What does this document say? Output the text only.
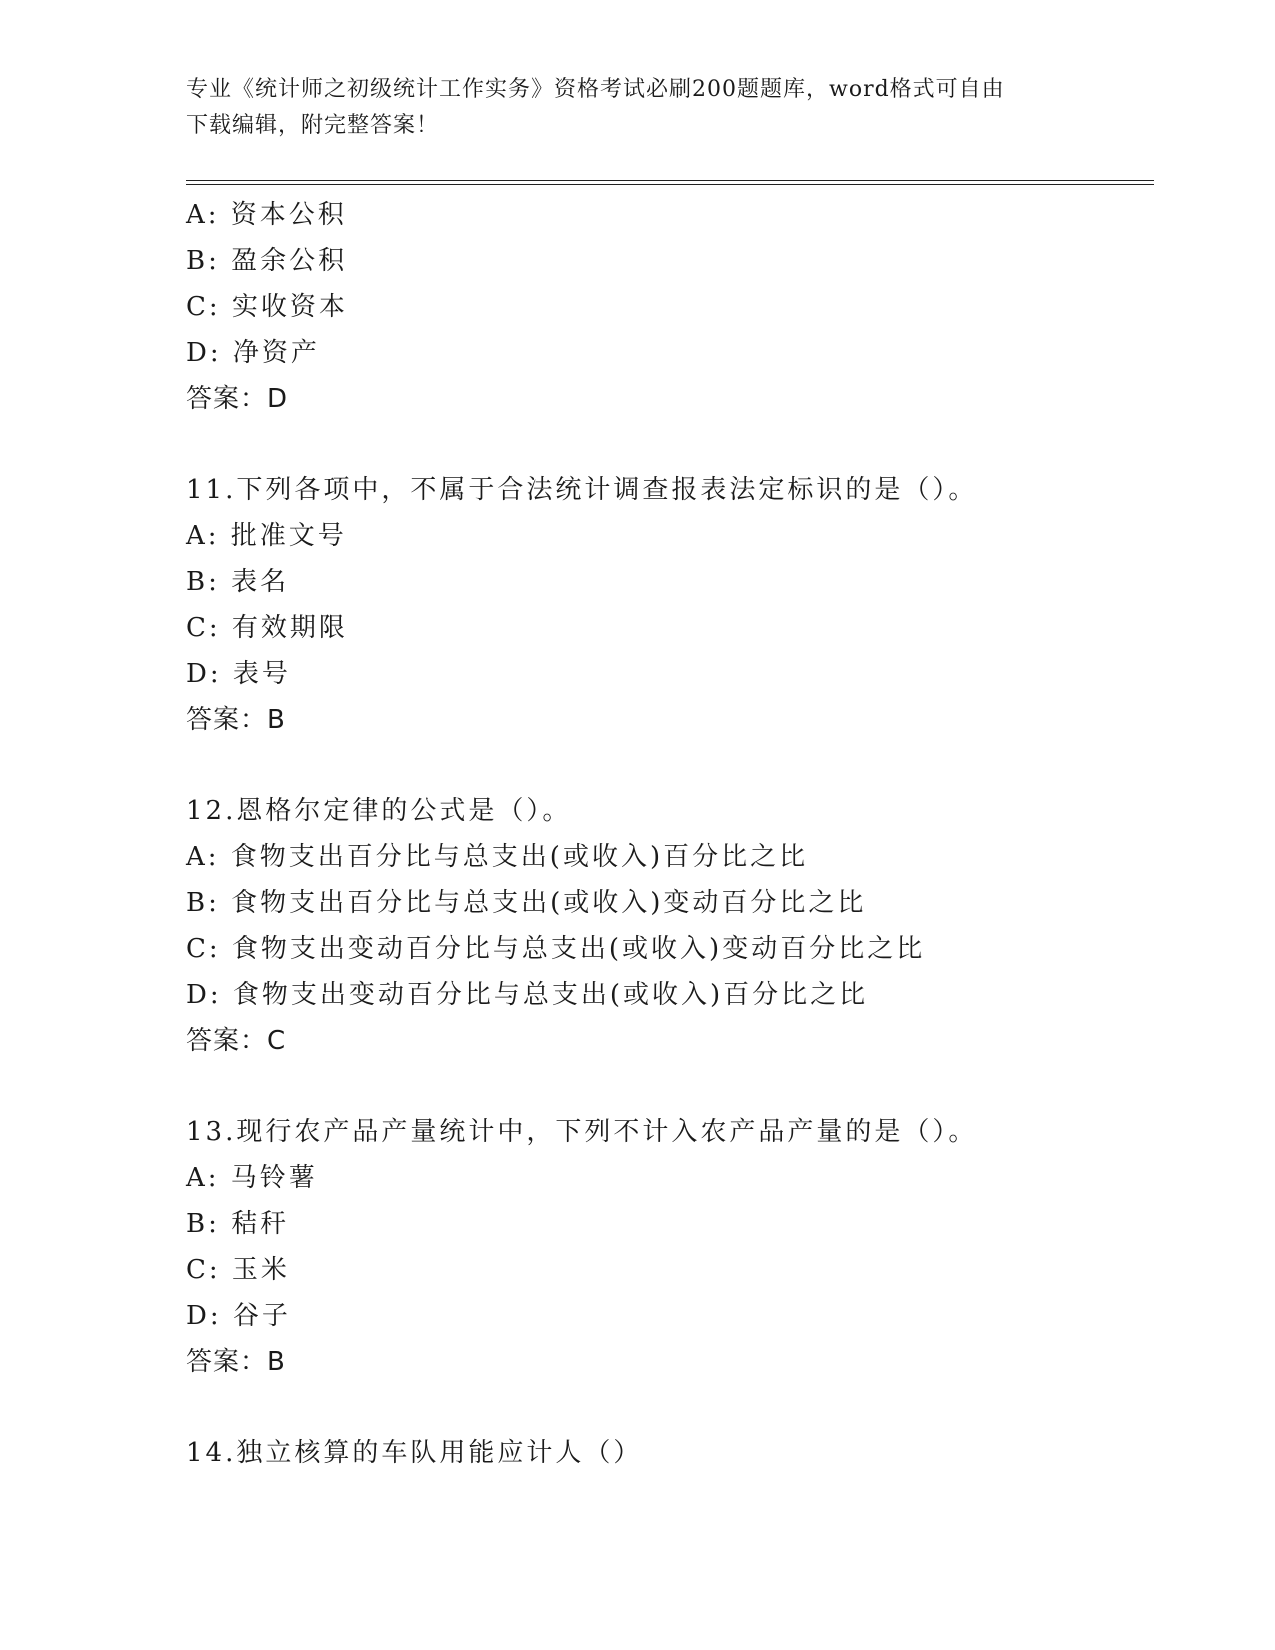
专业《统计师之初级统计工作实务》资格考试必刷200题题库，word格式可自由
下载编辑，附完整答案！
A: 资本公积
B: 盈余公积
C: 实收资本
D: 净资产
答案：D
11.下列各项中，不属于合法统计调查报表法定标识的是（）。
A: 批准文号
B: 表名
C: 有效期限
D: 表号
答案：B
12.恩格尔定律的公式是（）。
A: 食物支出百分比与总支出(或收入)百分比之比
B: 食物支出百分比与总支出(或收入)变动百分比之比
C: 食物支出变动百分比与总支出(或收入)变动百分比之比
D: 食物支出变动百分比与总支出(或收入)百分比之比
答案：C
13.现行农产品产量统计中，下列不计入农产品产量的是（）。
A: 马铃薯
B: 秸秆
C: 玉米
D: 谷子
答案：B
14.独立核算的车队用能应计人（）
